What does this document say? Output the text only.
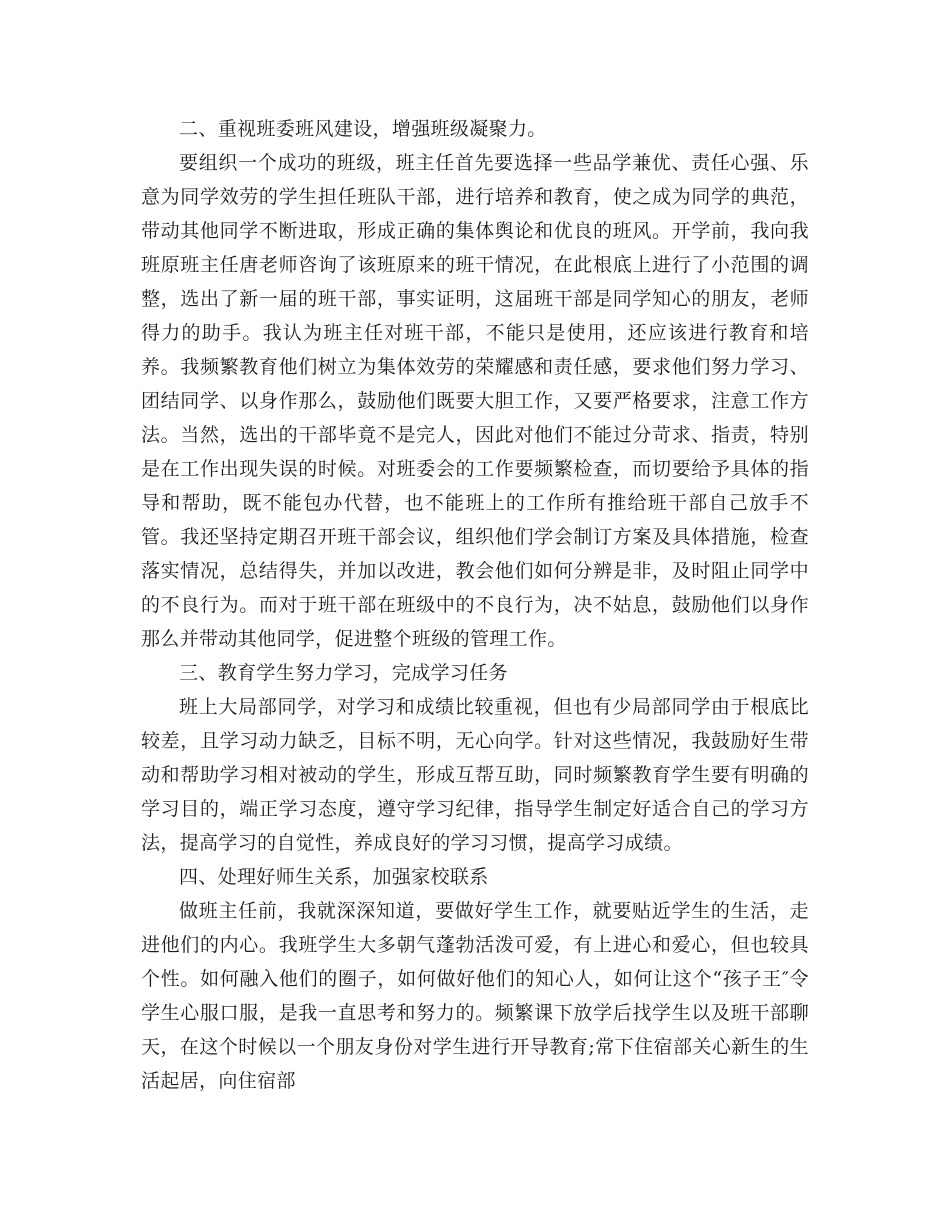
二、重视班委班风建设，增强班级凝聚力。

要组织一个成功的班级，班主任首先要选择一些品学兼优、责任心强、乐意为同学效劳的学生担任班队干部，进行培养和教育，使之成为同学的典范，带动其他同学不断进取，形成正确的集体舆论和优良的班风。开学前，我向我班原班主任唐老师咨询了该班原来的班干情况，在此根底上进行了小范围的调整，选出了新一届的班干部，事实证明，这届班干部是同学知心的朋友，老师得力的助手。我认为班主任对班干部，不能只是使用，还应该进行教育和培养。我频繁教育他们树立为集体效劳的荣耀感和责任感，要求他们努力学习、团结同学、以身作那么，鼓励他们既要大胆工作，又要严格要求，注意工作方法。当然，选出的干部毕竟不是完人，因此对他们不能过分苛求、指责，特别是在工作出现失误的时候。对班委会的工作要频繁检查，而切要给予具体的指导和帮助，既不能包办代替，也不能班上的工作所有推给班干部自己放手不管。我还坚持定期召开班干部会议，组织他们学会制订方案及具体措施，检查落实情况，总结得失，并加以改进，教会他们如何分辨是非，及时阻止同学中的不良行为。而对于班干部在班级中的不良行为，决不姑息，鼓励他们以身作那么并带动其他同学，促进整个班级的管理工作。

三、教育学生努力学习，完成学习任务

班上大局部同学，对学习和成绩比较重视，但也有少局部同学由于根底比较差，且学习动力缺乏，目标不明，无心向学。针对这些情况，我鼓励好生带动和帮助学习相对被动的学生，形成互帮互助，同时频繁教育学生要有明确的学习目的，端正学习态度，遵守学习纪律，指导学生制定好适合自己的学习方法，提高学习的自觉性，养成良好的学习习惯，提高学习成绩。

四、处理好师生关系，加强家校联系

做班主任前，我就深深知道，要做好学生工作，就要贴近学生的生活，走进他们的内心。我班学生大多朝气蓬勃活泼可爱，有上进心和爱心，但也较具个性。如何融入他们的圈子，如何做好他们的知心人，如何让这个“孩子王″令学生心服口服，是我一直思考和努力的。频繁课下放学后找学生以及班干部聊天，在这个时候以一个朋友身份对学生进行开导教育;常下住宿部关心新生的生活起居，向住宿部
